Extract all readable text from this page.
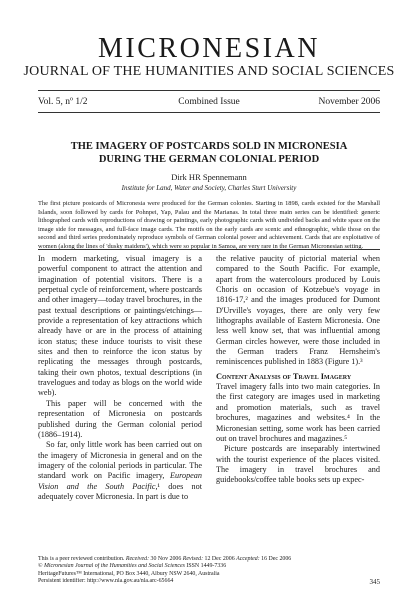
MICRONESIAN
JOURNAL OF THE HUMANITIES AND SOCIAL SCIENCES
Vol. 5, nº 1/2	Combined Issue	November 2006
THE IMAGERY OF POSTCARDS SOLD IN MICRONESIA
DURING THE GERMAN COLONIAL PERIOD
Dirk HR Spennemann
Institute for Land, Water and Society, Charles Sturt University
The first picture postcards of Micronesia were produced for the German colonies. Starting in 1898, cards existed for the Marshall Islands, soon followed by cards for Pohnpei, Yap, Palau and the Marianas. In total three main series can be identified: generic lithographed cards with reproductions of drawing or paintings, early photographic cards with undivided backs and white space on the image side for messages, and full-face image cards. The motifs on the early cards are scenic and ethnographic, while those on the second and third series predominately reproduce symbols of German colonial power and achievement. Cards that are exploitative of women (along the lines of 'dusky maidens'), which were so popular in Samoa, are very rare in the German Micronesian setting.

In modern marketing, visual imagery is a powerful component to attract the attention and imagination of potential visitors. There is a perpetual cycle of reinforcement, where postcards and other imagery—today travel brochures, in the past textual descriptions or paintings/etchings— provide a representation of key attractions which already have or are in the process of attaining icon status; these induce tourists to visit these sites and then to reinforce the icon status by replicating the messages through postcards, taking their own photos, textual descriptions (in travelogues and today as blogs on the world wide web).

This paper will be concerned with the representation of Micronesia on postcards published during the German colonial period (1886–1914).

So far, only little work has been carried out on the imagery of Micronesia in general and on the imagery of the colonial periods in particular. The standard work on Pacific imagery, European Vision and the South Pacific,¹ does not adequately cover Micronesia. In part is due to

the relative paucity of pictorial material when compared to the South Pacific. For example, apart from the watercolours produced by Louis Choris on occasion of Kotzebue's voyage in 1816-17,² and the images produced for Dumont D'Urville's voyages, there are only very few lithographs available of Eastern Micronesia. One less well know set, that was influential among German circles however, were those included in the German traders Franz Hernsheim's reminiscences published in 1883 (Figure 1).³

Content Analysis of Travel Imagery

Travel imagery falls into two main categories. In the first category are images used in marketing and promotion materials, such as travel brochures, magazines and websites.⁴ In the Micronesian setting, some work has been carried out on travel brochures and magazines.⁵

Picture postcards are inseparably intertwined with the tourist experience of the places visited. The imagery in travel brochures and guidebooks/coffee table books sets up expec-

This is a peer reviewed contribution. Received: 30 Nov 2006 Revised: 12 Dec 2006 Accepted: 16 Dec 2006
© Micronesian Journal of the Humanities and Social Sciences ISSN 1449-7336
HeritageFutures™ International, PO Box 3440, Albury NSW 2640, Australia
Persistent identifier: http://www.nla.gov.au/nla.arc-65664	345
